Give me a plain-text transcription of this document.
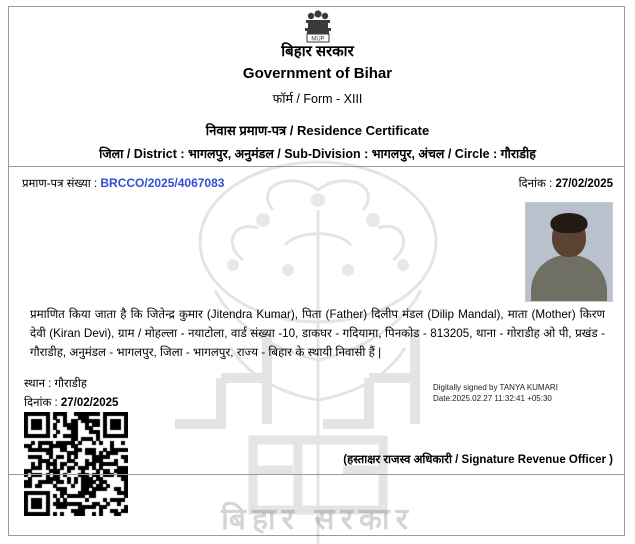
बिहार सरकार
MUP
बिहार सरकार
Government of Bihar
फॉर्म / Form - XIII
निवास प्रमाण-पत्र / Residence Certificate
जिला / District : भागलपुर, अनुमंडल / Sub-Division : भागलपुर, अंचल / Circle : गौराडीह
प्रमाण-पत्र संख्या : BRCCO/2025/4067083	दिनांक : 27/02/2025
प्रमाणित किया जाता है कि जितेन्द्र कुमार (Jitendra Kumar), पिता (Father) दिलीप मंडल (Dilip Mandal), माता (Mother) किरण देवी (Kiran Devi), ग्राम / मोहल्ला - नयाटोला, वार्ड संख्या -10, डाकघर - गदियामा, पिनकोड - 813205, थाना - गोराडीह ओ पी, प्रखंड - गौराडीह, अनुमंडल - भागलपुर, जिला - भागलपुर, राज्य - बिहार के स्थायी निवासी हैं |
स्थान : गौराडीह
दिनांक : 27/02/2025
Digitally signed by TANYA KUMARI
Date:2025.02.27 11:32:41 +05:30
(हस्ताक्षर राजस्व अधिकारी / Signature Revenue Officer )
